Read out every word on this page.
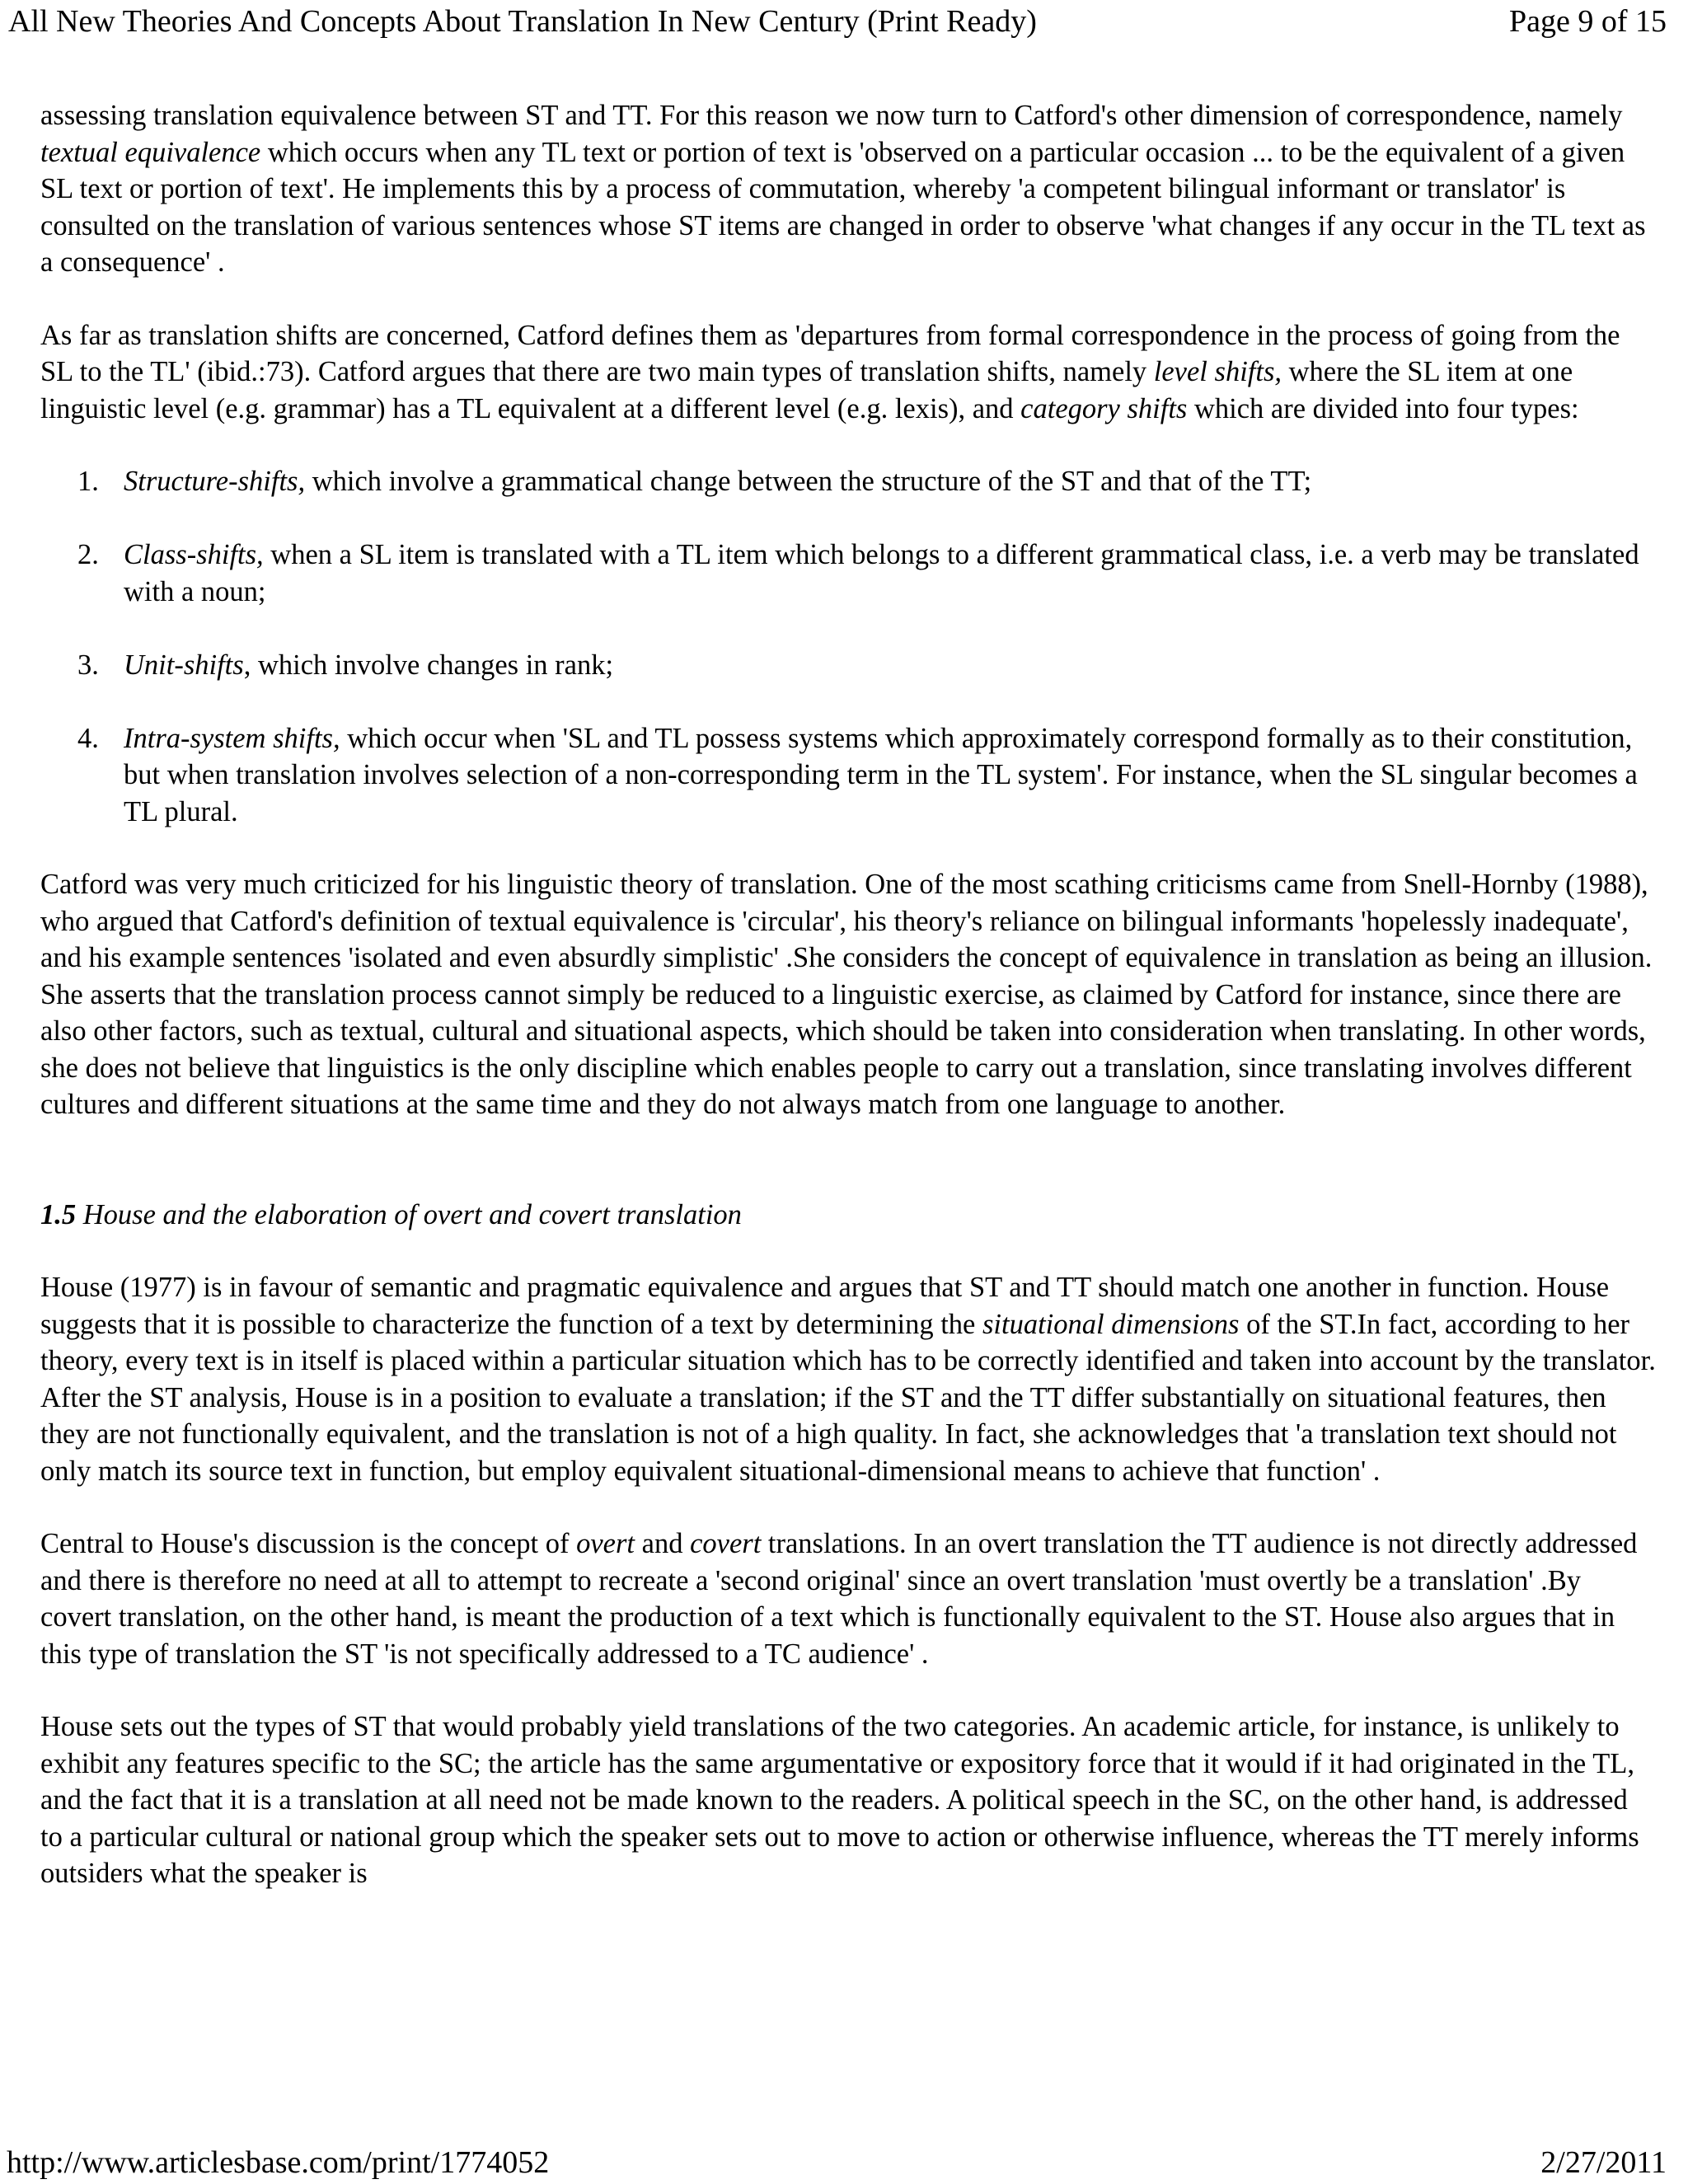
All New Theories And Concepts About Translation In New Century (Print Ready)	Page 9 of 15

assessing translation equivalence between ST and TT. For this reason we now turn to Catford's other dimension of correspondence, namely textual equivalence which occurs when any TL text or portion of text is 'observed on a particular occasion ... to be the equivalent of a given SL text or portion of text'. He implements this by a process of commutation, whereby 'a competent bilingual informant or translator' is consulted on the translation of various sentences whose ST items are changed in order to observe 'what changes if any occur in the TL text as a consequence' .

As far as translation shifts are concerned, Catford defines them as 'departures from formal correspondence in the process of going from the SL to the TL' (ibid.:73). Catford argues that there are two main types of translation shifts, namely level shifts, where the SL item at one linguistic level (e.g. grammar) has a TL equivalent at a different level (e.g. lexis), and category shifts which are divided into four types:

1. Structure-shifts, which involve a grammatical change between the structure of the ST and that of the TT;
2. Class-shifts, when a SL item is translated with a TL item which belongs to a different grammatical class, i.e. a verb may be translated with a noun;
3. Unit-shifts, which involve changes in rank;
4. Intra-system shifts, which occur when 'SL and TL possess systems which approximately correspond formally as to their constitution, but when translation involves selection of a non-corresponding term in the TL system'. For instance, when the SL singular becomes a TL plural.

Catford was very much criticized for his linguistic theory of translation. One of the most scathing criticisms came from Snell-Hornby (1988), who argued that Catford's definition of textual equivalence is 'circular', his theory's reliance on bilingual informants 'hopelessly inadequate', and his example sentences 'isolated and even absurdly simplistic' .She considers the concept of equivalence in translation as being an illusion. She asserts that the translation process cannot simply be reduced to a linguistic exercise, as claimed by Catford for instance, since there are also other factors, such as textual, cultural and situational aspects, which should be taken into consideration when translating. In other words, she does not believe that linguistics is the only discipline which enables people to carry out a translation, since translating involves different cultures and different situations at the same time and they do not always match from one language to another.

1.5 House and the elaboration of overt and covert translation

House (1977) is in favour of semantic and pragmatic equivalence and argues that ST and TT should match one another in function. House suggests that it is possible to characterize the function of a text by determining the situational dimensions of the ST.In fact, according to her theory, every text is in itself is placed within a particular situation which has to be correctly identified and taken into account by the translator. After the ST analysis, House is in a position to evaluate a translation; if the ST and the TT differ substantially on situational features, then they are not functionally equivalent, and the translation is not of a high quality. In fact, she acknowledges that 'a translation text should not only match its source text in function, but employ equivalent situational-dimensional means to achieve that function' .

Central to House's discussion is the concept of overt and covert translations. In an overt translation the TT audience is not directly addressed and there is therefore no need at all to attempt to recreate a 'second original' since an overt translation 'must overtly be a translation' .By covert translation, on the other hand, is meant the production of a text which is functionally equivalent to the ST. House also argues that in this type of translation the ST 'is not specifically addressed to a TC audience' .

House sets out the types of ST that would probably yield translations of the two categories. An academic article, for instance, is unlikely to exhibit any features specific to the SC; the article has the same argumentative or expository force that it would if it had originated in the TL, and the fact that it is a translation at all need not be made known to the readers. A political speech in the SC, on the other hand, is addressed to a particular cultural or national group which the speaker sets out to move to action or otherwise influence, whereas the TT merely informs outsiders what the speaker is

http://www.articlesbase.com/print/1774052	2/27/2011
